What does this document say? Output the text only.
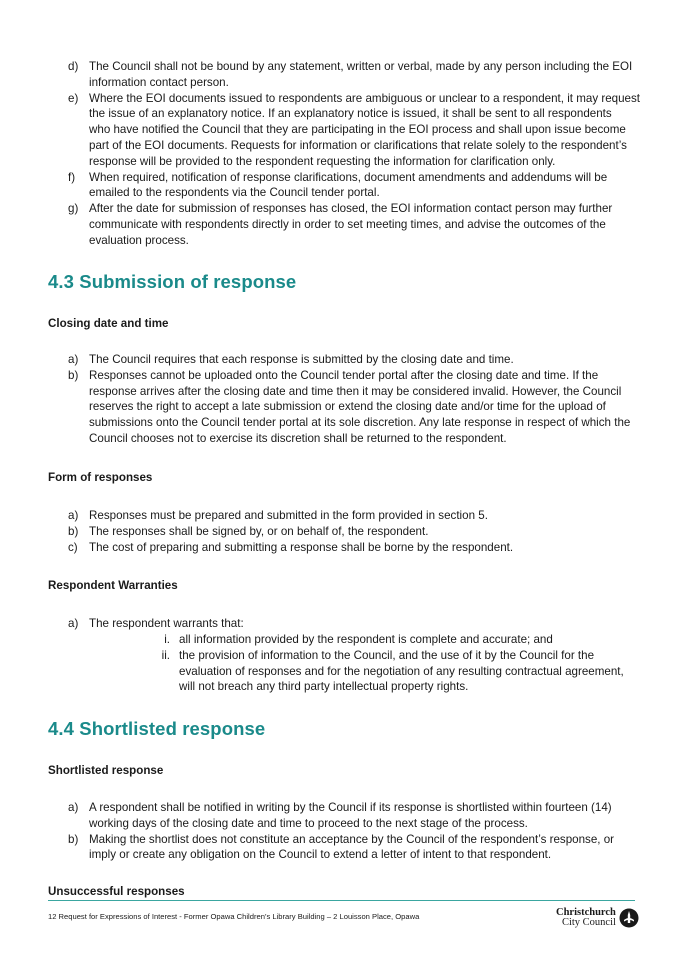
d) The Council shall not be bound by any statement, written or verbal, made by any person including the EOI
information contact person.
e) Where the EOI documents issued to respondents are ambiguous or unclear to a respondent, it may request
the issue of an explanatory notice. If an explanatory notice is issued, it shall be sent to all respondents
who have notified the Council that they are participating in the EOI process and shall upon issue become
part of the EOI documents. Requests for information or clarifications that relate solely to the respondent’s
response will be provided to the respondent requesting the information for clarification only.
f)	When required, notification of response clarifications, document amendments and addendums will be
emailed to the respondents via the Council tender portal.
g) After the date for submission of responses has closed, the EOI information contact person may further
communicate with respondents directly in order to set meeting times, and advise the outcomes of the
evaluation process.
4.3 Submission of response
Closing date and time
a) The Council requires that each response is submitted by the closing date and time.
b) Responses cannot be uploaded onto the Council tender portal after the closing date and time. If the
response arrives after the closing date and time then it may be considered invalid. However, the Council
reserves the right to accept a late submission or extend the closing date and/or time for the upload of
submissions onto the Council tender portal at its sole discretion. Any late response in respect of which the
Council chooses not to exercise its discretion shall be returned to the respondent.
Form of responses
a) Responses must be prepared and submitted in the form provided in section 5.
b) The responses shall be signed by, or on behalf of, the respondent.
c) The cost of preparing and submitting a response shall be borne by the respondent.
Respondent Warranties
a) The respondent warrants that:
i. all information provided by the respondent is complete and accurate; and
ii. the provision of information to the Council, and the use of it by the Council for the
evaluation of responses and for the negotiation of any resulting contractual agreement,
will not breach any third party intellectual property rights.
4.4 Shortlisted response
Shortlisted response
a) A respondent shall be notified in writing by the Council if its response is shortlisted within fourteen (14)
working days of the closing date and time to proceed to the next stage of the process.
b) Making the shortlist does not constitute an acceptance by the Council of the respondent’s response, or
imply or create any obligation on the Council to extend a letter of intent to that respondent.
Unsuccessful responses
12 Request for Expressions of Interest - Former Opawa Children’s Library Building – 2 Louisson Place, Opawa	Christchurch
City Council
